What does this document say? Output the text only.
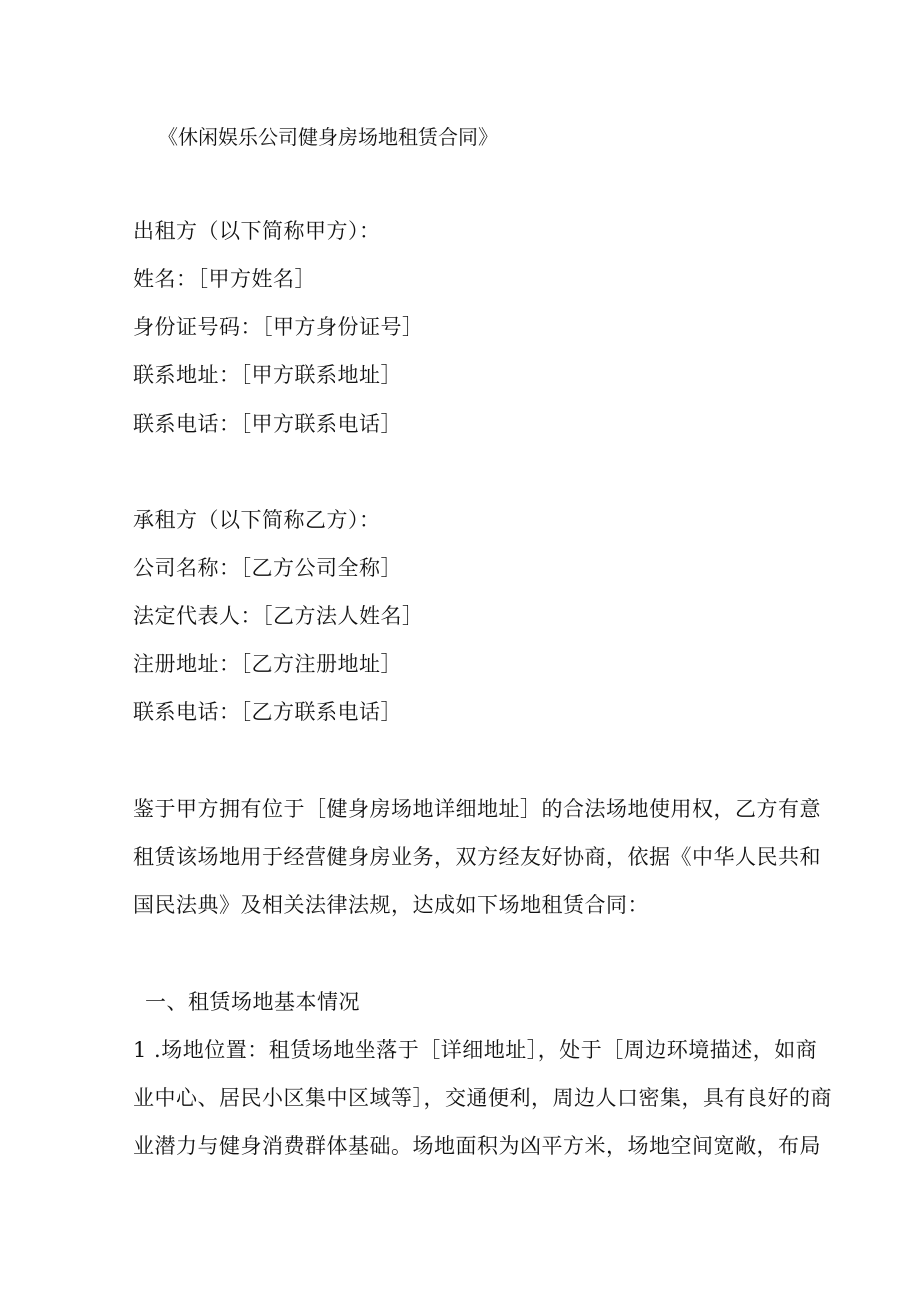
《休闲娱乐公司健身房场地租赁合同》
出租方（以下简称甲方）：
姓名：［甲方姓名］
身份证号码：［甲方身份证号］
联系地址：［甲方联系地址］
联系电话：［甲方联系电话］
承租方（以下简称乙方）：
公司名称：［乙方公司全称］
法定代表人：［乙方法人姓名］
注册地址：［乙方注册地址］
联系电话：［乙方联系电话］
鉴于甲方拥有位于［健身房场地详细地址］的合法场地使用权，乙方有意
租赁该场地用于经营健身房业务，双方经友好协商，依据《中华人民共和
国民法典》及相关法律法规，达成如下场地租赁合同：
一、租赁场地基本情况
1 .场地位置：租赁场地坐落于［详细地址］，处于［周边环境描述，如商
业中心、居民小区集中区域等］，交通便利，周边人口密集，具有良好的商
业潜力与健身消费群体基础。场地面积为凶平方米，场地空间宽敞，布局
